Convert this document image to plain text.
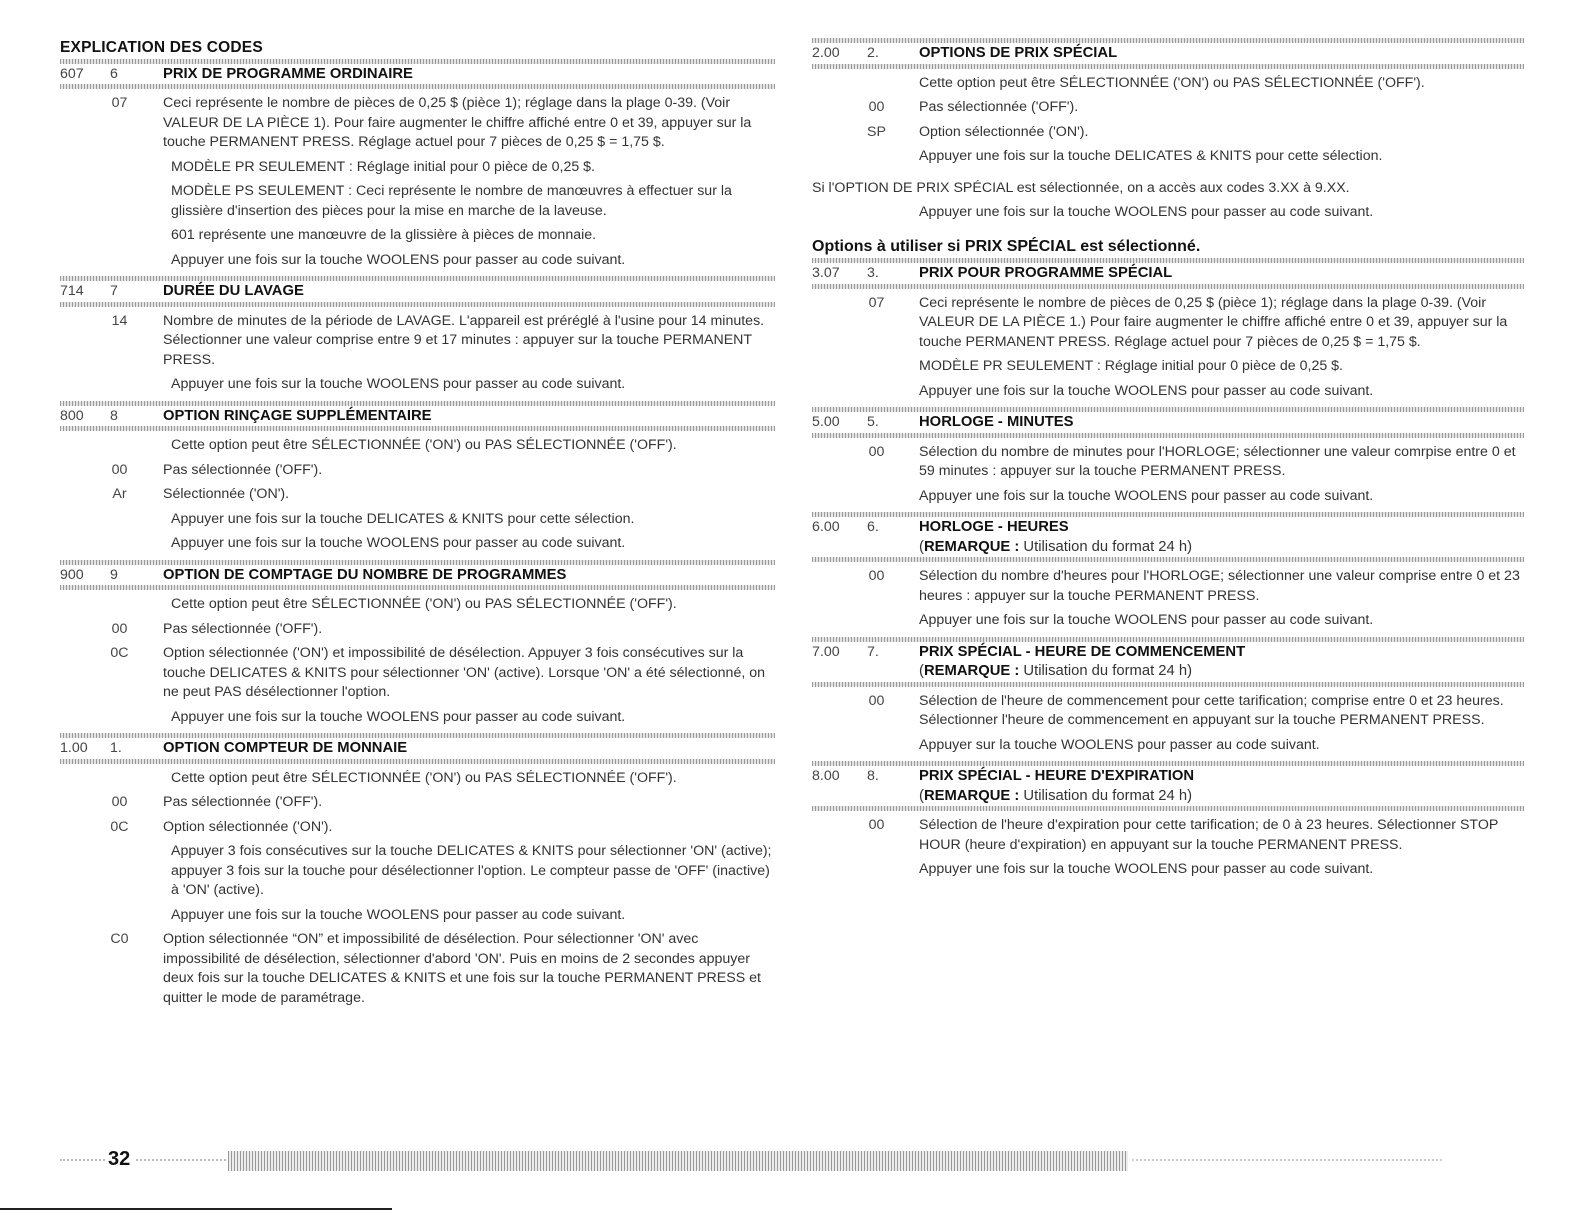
EXPLICATION DES CODES
607	6	PRIX DE PROGRAMME ORDINAIRE
07	Ceci représente le nombre de pièces de 0,25 $ (pièce 1); réglage dans la plage 0-39. (Voir VALEUR DE LA PIÈCE 1). Pour faire augmenter le chiffre affiché entre 0 et 39, appuyer sur la touche PERMANENT PRESS. Réglage actuel pour 7 pièces de 0,25 $ = 1,75 $.
MODÈLE PR SEULEMENT : Réglage initial pour 0 pièce de 0,25 $.
MODÈLE PS SEULEMENT : Ceci représente le nombre de manœuvres à effectuer sur la glissière d'insertion des pièces pour la mise en marche de la laveuse.
601 représente une manœuvre de la glissière à pièces de monnaie.
Appuyer une fois sur la touche WOOLENS pour passer au code suivant.
714	7	DURÉE DU LAVAGE
14	Nombre de minutes de la période de LAVAGE. L'appareil est préréglé à l'usine pour 14 minutes. Sélectionner une valeur comprise entre 9 et 17 minutes : appuyer sur la touche PERMANENT PRESS.
Appuyer une fois sur la touche WOOLENS pour passer au code suivant.
800	8	OPTION RINÇAGE SUPPLÉMENTAIRE
Cette option peut être SÉLECTIONNÉE ('ON') ou PAS SÉLECTIONNÉE ('OFF').
00	Pas sélectionnée ('OFF').
Ar	Sélectionnée ('ON').
Appuyer une fois sur la touche DELICATES & KNITS pour cette sélection.
Appuyer une fois sur la touche WOOLENS pour passer au code suivant.
900	9	OPTION DE COMPTAGE DU NOMBRE DE PROGRAMMES
Cette option peut être SÉLECTIONNÉE ('ON') ou PAS SÉLECTIONNÉE ('OFF').
00	Pas sélectionnée ('OFF').
0C	Option sélectionnée ('ON') et impossibilité de désélection. Appuyer 3 fois consécutives sur la touche DELICATES & KNITS pour sélectionner 'ON' (active). Lorsque 'ON' a été sélectionné, on ne peut PAS désélectionner l'option.
Appuyer une fois sur la touche WOOLENS pour passer au code suivant.
1.00	1.	OPTION COMPTEUR DE MONNAIE
Cette option peut être SÉLECTIONNÉE ('ON') ou PAS SÉLECTIONNÉE ('OFF').
00	Pas sélectionnée ('OFF').
0C	Option sélectionnée ('ON').
Appuyer 3 fois consécutives sur la touche DELICATES & KNITS pour sélectionner 'ON' (active); appuyer 3 fois sur la touche pour désélectionner l'option. Le compteur passe de 'OFF' (inactive) à 'ON' (active).
Appuyer une fois sur la touche WOOLENS pour passer au code suivant.
C0	Option sélectionnée “ON” et impossibilité de désélection. Pour sélectionner 'ON' avec impossibilité de désélection, sélectionner d'abord 'ON'. Puis en moins de 2 secondes appuyer deux fois sur la touche DELICATES & KNITS et une fois sur la touche PERMANENT PRESS et quitter le mode de paramétrage.
2.00	2.	OPTIONS DE PRIX SPÉCIAL
Cette option peut être SÉLECTIONNÉE ('ON') ou PAS SÉLECTIONNÉE ('OFF').
00	Pas sélectionnée ('OFF').
SP	Option sélectionnée ('ON').
Appuyer une fois sur la touche DELICATES & KNITS pour cette sélection.
Si l'OPTION DE PRIX SPÉCIAL est sélectionnée, on a accès aux codes 3.XX à 9.XX.
Appuyer une fois sur la touche WOOLENS pour passer au code suivant.
Options à utiliser si PRIX SPÉCIAL est sélectionné.
3.07	3.	PRIX POUR PROGRAMME SPÉCIAL
07	Ceci représente le nombre de pièces de 0,25 $ (pièce 1); réglage dans la plage 0-39. (Voir VALEUR DE LA PIÈCE 1.) Pour faire augmenter le chiffre affiché entre 0 et 39, appuyer sur la touche PERMANENT PRESS. Réglage actuel pour 7 pièces de 0,25 $ = 1,75 $.
MODÈLE PR SEULEMENT : Réglage initial pour 0 pièce de 0,25 $.
Appuyer une fois sur la touche WOOLENS pour passer au code suivant.
5.00	5.	HORLOGE - MINUTES
00	Sélection du nombre de minutes pour l'HORLOGE; sélectionner une valeur comrpise entre 0 et 59 minutes : appuyer sur la touche PERMANENT PRESS.
Appuyer une fois sur la touche WOOLENS pour passer au code suivant.
6.00	6.	HORLOGE - HEURES
(REMARQUE : Utilisation du format 24 h)
00	Sélection du nombre d'heures pour l'HORLOGE; sélectionner une valeur comprise entre 0 et 23 heures : appuyer sur la touche PERMANENT PRESS.
Appuyer une fois sur la touche WOOLENS pour passer au code suivant.
7.00	7.	PRIX SPÉCIAL - HEURE DE COMMENCEMENT
(REMARQUE : Utilisation du format 24 h)
00	Sélection de l'heure de commencement pour cette tarification; comprise entre 0 et 23 heures. Sélectionner l'heure de commencement en appuyant sur la touche PERMANENT PRESS.
Appuyer sur la touche WOOLENS pour passer au code suivant.
8.00	8.	PRIX SPÉCIAL - HEURE D'EXPIRATION
(REMARQUE : Utilisation du format 24 h)
00	Sélection de l'heure d'expiration pour cette tarification; de 0 à 23 heures. Sélectionner STOP HOUR (heure d'expiration) en appuyant sur la touche PERMANENT PRESS.
Appuyer une fois sur la touche WOOLENS pour passer au code suivant.
32
